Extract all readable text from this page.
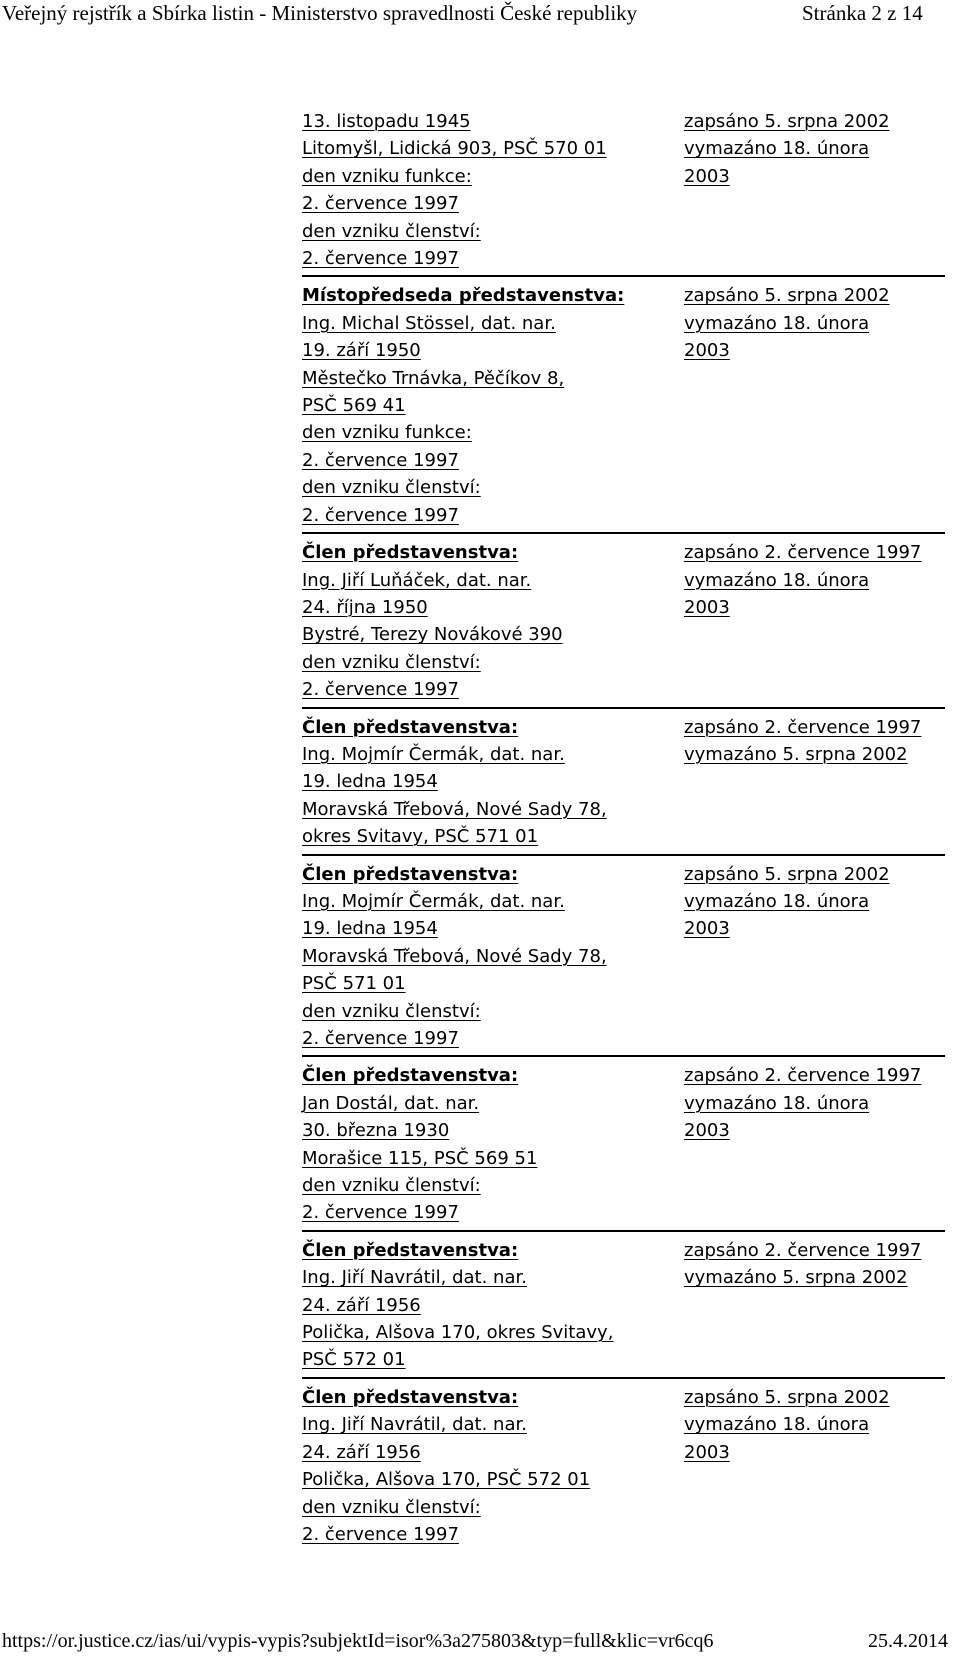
Veřejný rejstřík a Sbírka listin - Ministerstvo spravedlnosti České republiky	Stránka 2 z 14
13. listopadu 1945
Litomyšl, Lidická 903, PSČ 570 01
den vzniku funkce:
2. července 1997
den vzniku členství:
2. července 1997
zapsáno 5. srpna 2002
vymazáno 18. února
2003
Místopředseda představenstva:
Ing. Michal Stössel, dat. nar.
19. září 1950
Městečko Trnávka, Pěčíkov 8,
PSČ 569 41
den vzniku funkce:
2. července 1997
den vzniku členství:
2. července 1997
zapsáno 5. srpna 2002
vymazáno 18. února
2003
Člen představenstva:
Ing. Jiří Luňáček, dat. nar.
24. října 1950
Bystré, Terezy Novákové 390
den vzniku členství:
2. července 1997
zapsáno 2. července 1997
vymazáno 18. února
2003
Člen představenstva:
Ing. Mojmír Čermák, dat. nar.
19. ledna 1954
Moravská Třebová, Nové Sady 78,
okres Svitavy, PSČ 571 01
zapsáno 2. července 1997
vymazáno 5. srpna 2002
Člen představenstva:
Ing. Mojmír Čermák, dat. nar.
19. ledna 1954
Moravská Třebová, Nové Sady 78,
PSČ 571 01
den vzniku členství:
2. července 1997
zapsáno 5. srpna 2002
vymazáno 18. února
2003
Člen představenstva:
Jan Dostál, dat. nar.
30. března 1930
Morašice 115, PSČ 569 51
den vzniku členství:
2. července 1997
zapsáno 2. července 1997
vymazáno 18. února
2003
Člen představenstva:
Ing. Jiří Navrátil, dat. nar.
24. září 1956
Polička, Alšova 170, okres Svitavy,
PSČ 572 01
zapsáno 2. července 1997
vymazáno 5. srpna 2002
Člen představenstva:
Ing. Jiří Navrátil, dat. nar.
24. září 1956
Polička, Alšova 170, PSČ 572 01
den vzniku členství:
2. července 1997
zapsáno 5. srpna 2002
vymazáno 18. února
2003
https://or.justice.cz/ias/ui/vypis-vypis?subjektId=isor%3a275803&typ=full&klic=vr6cq6	25.4.2014
